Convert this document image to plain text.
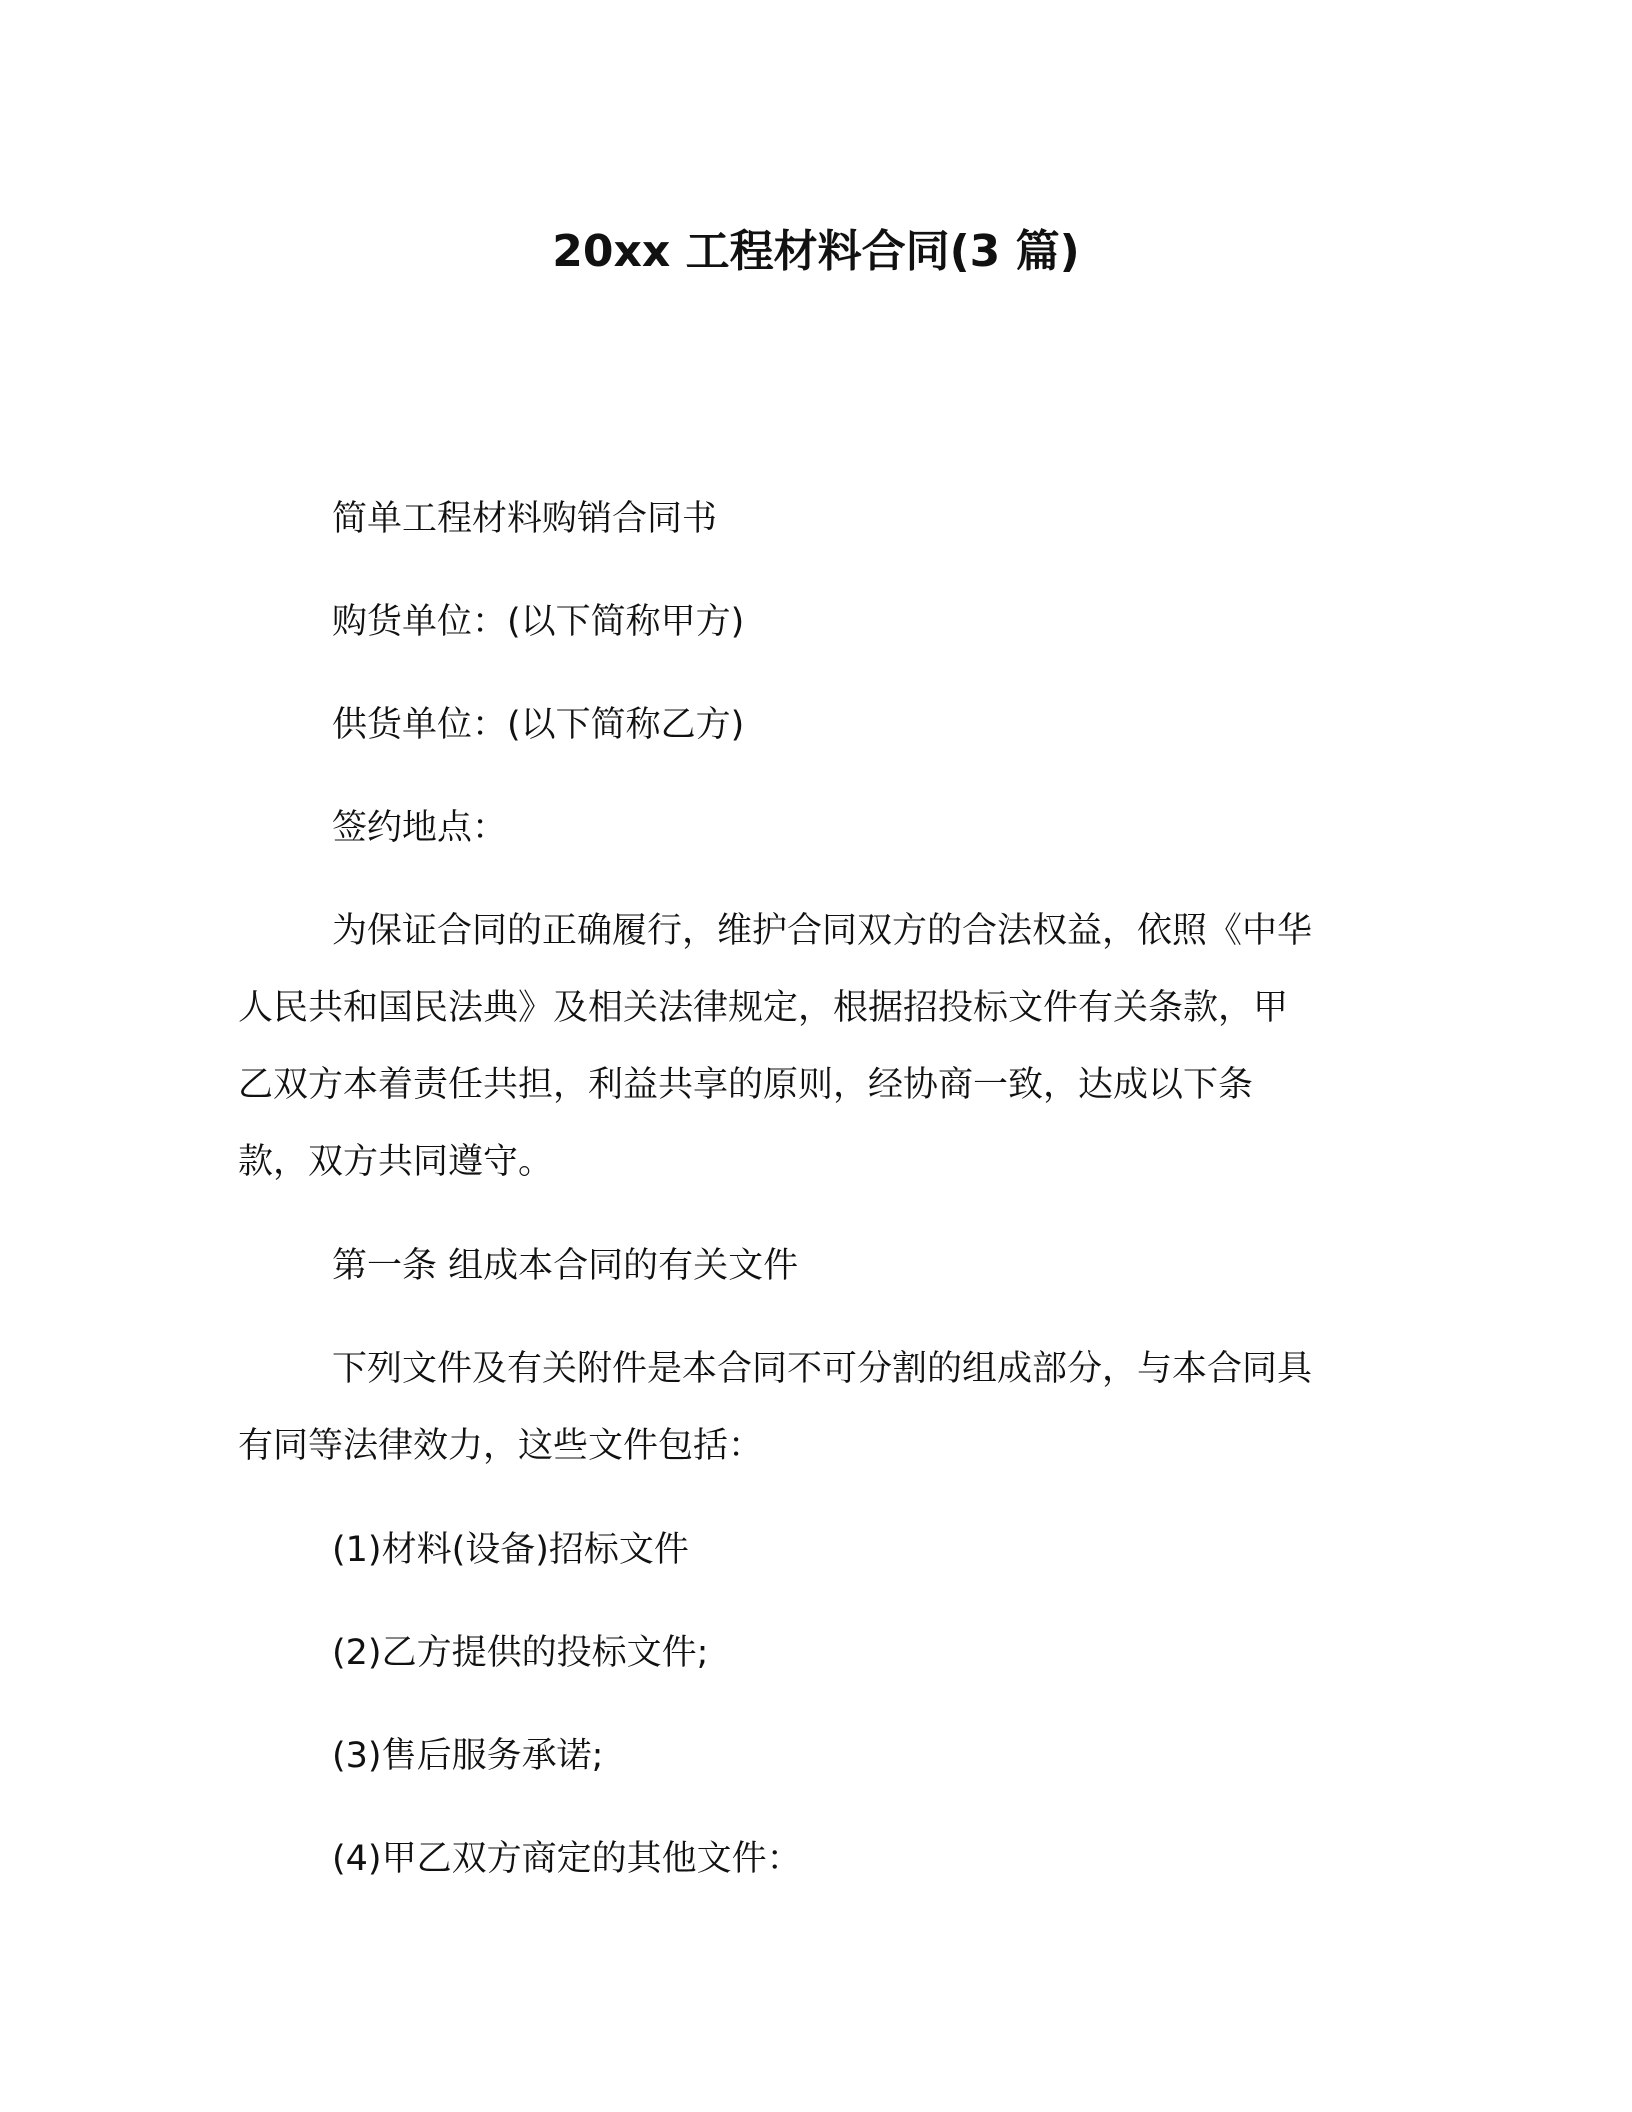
20xx 工程材料合同(3 篇)
简单工程材料购销合同书
购货单位：(以下简称甲方)
供货单位：(以下简称乙方)
签约地点：
为保证合同的正确履行，维护合同双方的合法权益，依照《中华
人民共和国民法典》及相关法律规定，根据招投标文件有关条款，甲
乙双方本着责任共担，利益共享的原则，经协商一致，达成以下条
款，双方共同遵守。
第一条 组成本合同的有关文件
下列文件及有关附件是本合同不可分割的组成部分，与本合同具
有同等法律效力，这些文件包括：
(1)材料(设备)招标文件
(2)乙方提供的投标文件;
(3)售后服务承诺;
(4)甲乙双方商定的其他文件：
